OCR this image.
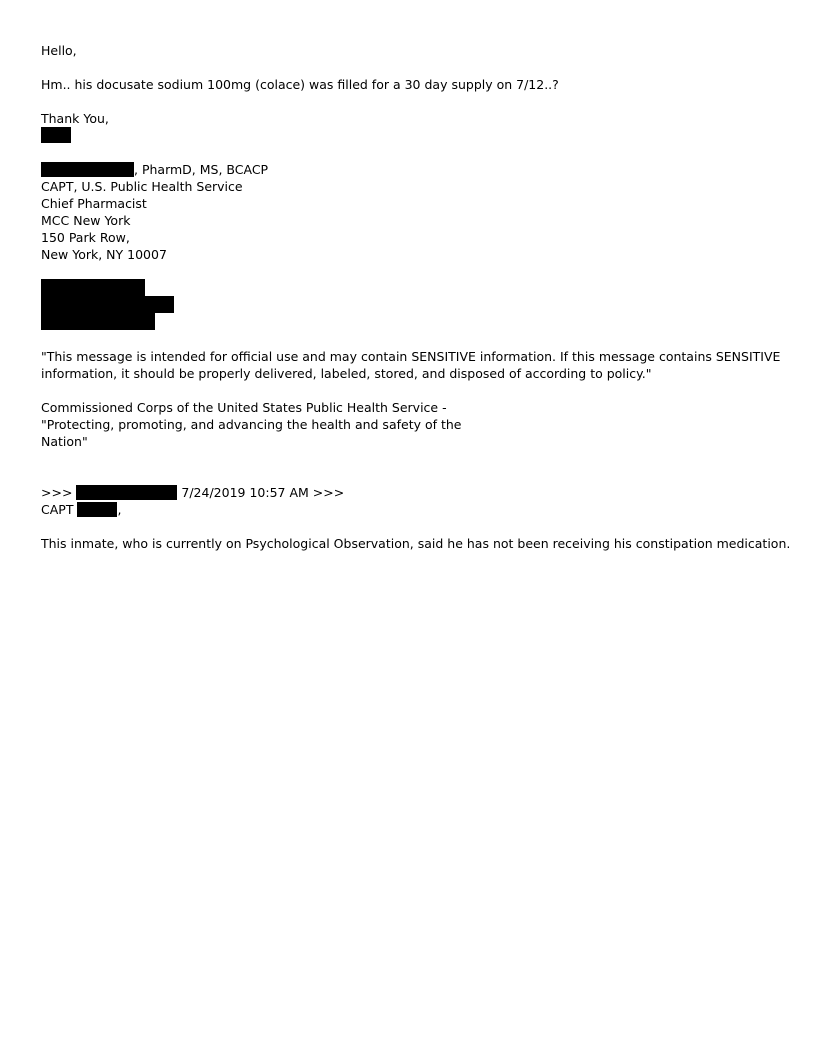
Hello,
Hm.. his docusate sodium 100mg (colace) was filled for a 30 day supply on 7/12..?
Thank You,
, PharmD, MS, BCACP
CAPT, U.S. Public Health Service
Chief Pharmacist
MCC New York
150 Park Row,
New York, NY 10007
"This message is intended for official use and may contain SENSITIVE information. If this message contains SENSITIVE
information, it should be properly delivered, labeled, stored, and disposed of according to policy."
Commissioned Corps of the United States Public Health Service -
"Protecting, promoting, and advancing the health and safety of the
Nation"
>>>	7/24/2019 10:57 AM >>>
CAPT	,
This inmate, who is currently on Psychological Observation, said he has not been receiving his constipation medication.
